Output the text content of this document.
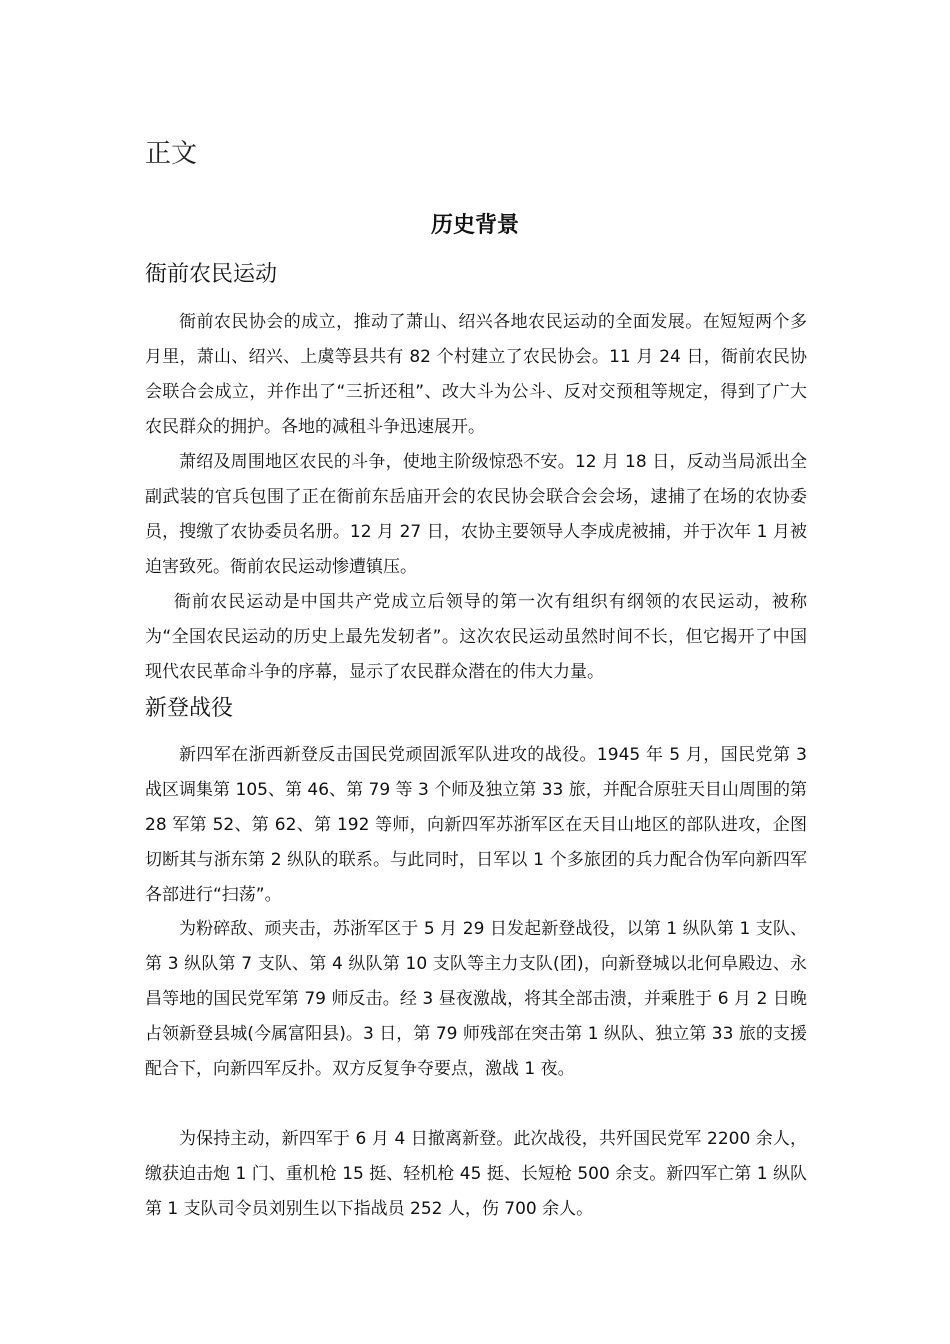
正文
历史背景
衙前农民运动

衙前农民协会的成立，推动了萧山、绍兴各地农民运动的全面发展。在短短两个多月里，萧山、绍兴、上虞等县共有 82 个村建立了农民协会。11 月 24 日，衙前农民协会联合会成立，并作出了“三折还租”、改大斗为公斗、反对交预租等规定，得到了广大农民群众的拥护。各地的减租斗争迅速展开。

萧绍及周围地区农民的斗争，使地主阶级惊恐不安。12 月 18 日，反动当局派出全副武装的官兵包围了正在衙前东岳庙开会的农民协会联合会会场，逮捕了在场的农协委员，搜缴了农协委员名册。12 月 27 日，农协主要领导人李成虎被捕，并于次年 1 月被迫害致死。衙前农民运动惨遭镇压。

衙前农民运动是中国共产党成立后领导的第一次有组织有纲领的农民运动，被称为“全国农民运动的历史上最先发轫者”。这次农民运动虽然时间不长，但它揭开了中国现代农民革命斗争的序幕，显示了农民群众潜在的伟大力量。

新登战役

新四军在浙西新登反击国民党顽固派军队进攻的战役。1945 年 5 月，国民党第 3 战区调集第 105、第 46、第 79 等 3 个师及独立第 33 旅，并配合原驻天目山周围的第 28 军第 52、第 62、第 192 等师，向新四军苏浙军区在天目山地区的部队进攻，企图切断其与浙东第 2 纵队的联系。与此同时，日军以 1 个多旅团的兵力配合伪军向新四军各部进行“扫荡”。

为粉碎敌、顽夹击，苏浙军区于 5 月 29 日发起新登战役，以第 1 纵队第 1 支队、第 3 纵队第 7 支队、第 4 纵队第 10 支队等主力支队(团)，向新登城以北何阜殿边、永昌等地的国民党军第 79 师反击。经 3 昼夜激战，将其全部击溃，并乘胜于 6 月 2 日晚占领新登县城(今属富阳县)。3 日，第 79 师残部在突击第 1 纵队、独立第 33 旅的支援配合下，向新四军反扑。双方反复争夺要点，激战 1 夜。

为保持主动，新四军于 6 月 4 日撤离新登。此次战役，共歼国民党军 2200 余人，缴获迫击炮 1 门、重机枪 15 挺、轻机枪 45 挺、长短枪 500 余支。新四军亡第 1 纵队第 1 支队司令员刘别生以下指战员 252 人，伤 700 余人。
